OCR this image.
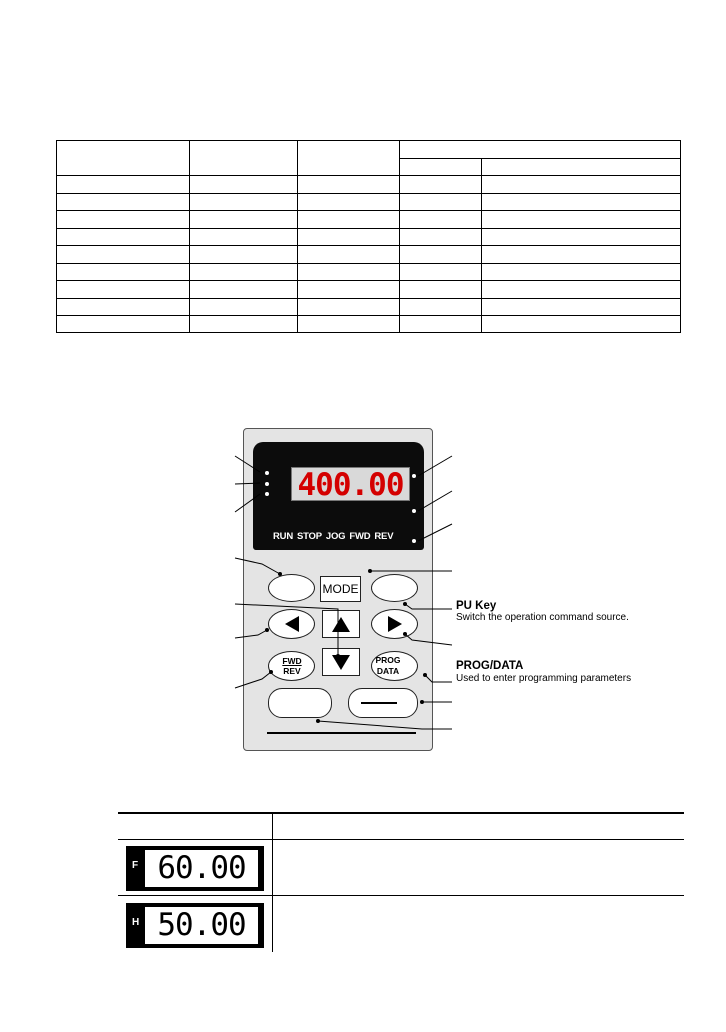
400.00
RUN STOP JOG FWD REV
MODE
FWD
REV
PROG
DATA
PU Key
Switch the operation command source.
PROG/DATA
Used to enter programming parameters
F 60.00
H 50.00
